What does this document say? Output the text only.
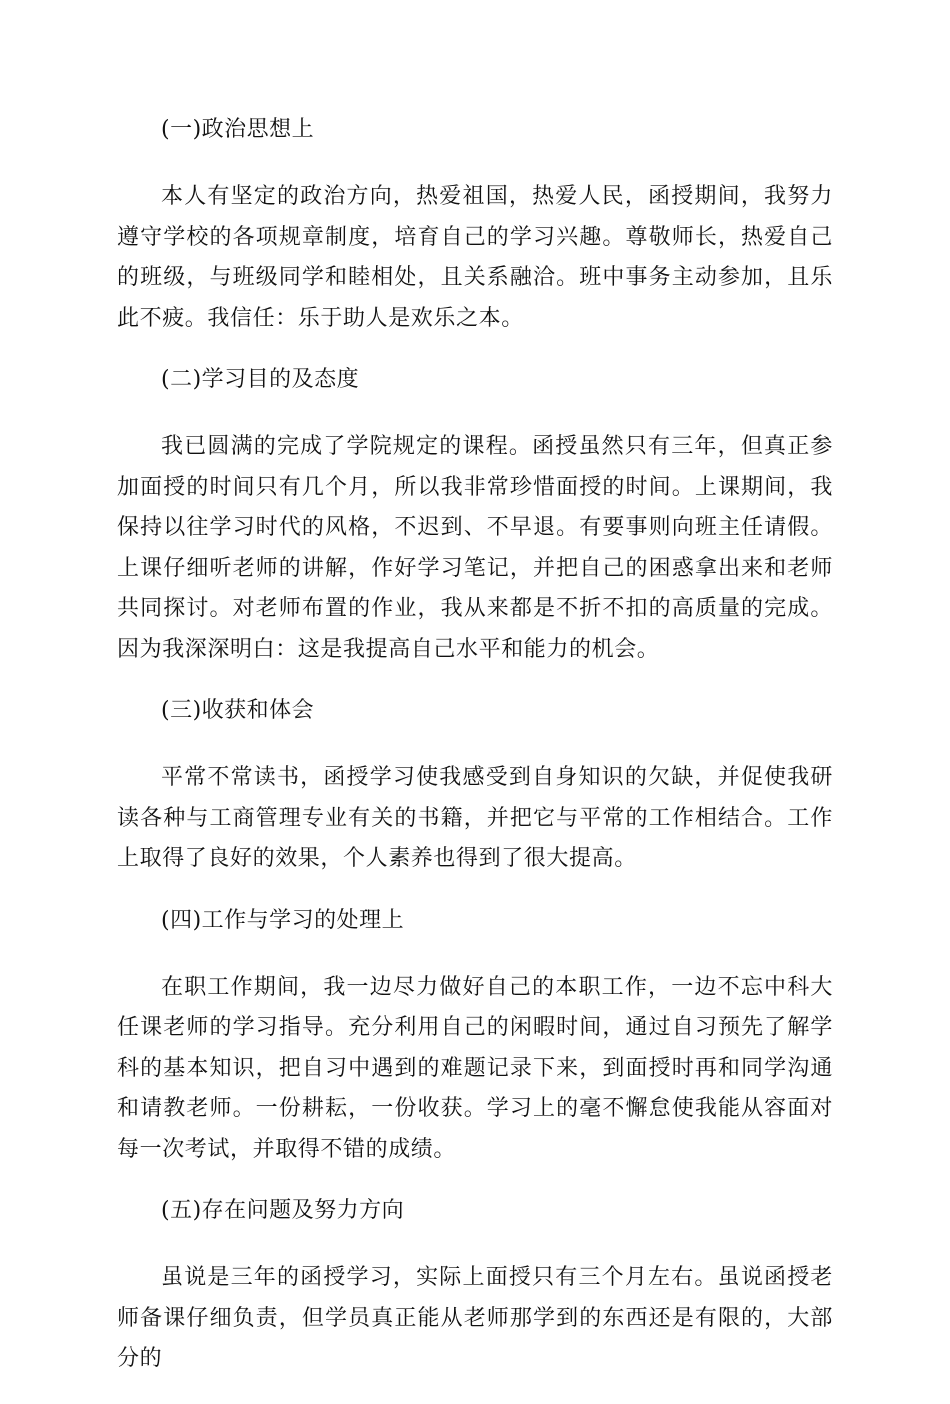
(一)政治思想上

本人有坚定的政治方向，热爱祖国，热爱人民，函授期间，我努力遵守学校的各项规章制度，培育自己的学习兴趣。尊敬师长，热爱自己的班级，与班级同学和睦相处，且关系融洽。班中事务主动参加，且乐此不疲。我信任：乐于助人是欢乐之本。

(二)学习目的及态度

我已圆满的完成了学院规定的课程。函授虽然只有三年，但真正参加面授的时间只有几个月，所以我非常珍惜面授的时间。上课期间，我保持以往学习时代的风格，不迟到、不早退。有要事则向班主任请假。上课仔细听老师的讲解，作好学习笔记，并把自己的困惑拿出来和老师共同探讨。对老师布置的作业，我从来都是不折不扣的高质量的完成。因为我深深明白：这是我提高自己水平和能力的机会。

(三)收获和体会

平常不常读书，函授学习使我感受到自身知识的欠缺，并促使我研读各种与工商管理专业有关的书籍，并把它与平常的工作相结合。工作上取得了良好的效果，个人素养也得到了很大提高。

(四)工作与学习的处理上

在职工作期间，我一边尽力做好自己的本职工作，一边不忘中科大任课老师的学习指导。充分利用自己的闲暇时间，通过自习预先了解学科的基本知识，把自习中遇到的难题记录下来，到面授时再和同学沟通和请教老师。一份耕耘，一份收获。学习上的毫不懈怠使我能从容面对每一次考试，并取得不错的成绩。

(五)存在问题及努力方向

虽说是三年的函授学习，实际上面授只有三个月左右。虽说函授老师备课仔细负责，但学员真正能从老师那学到的东西还是有限的，大部分的
